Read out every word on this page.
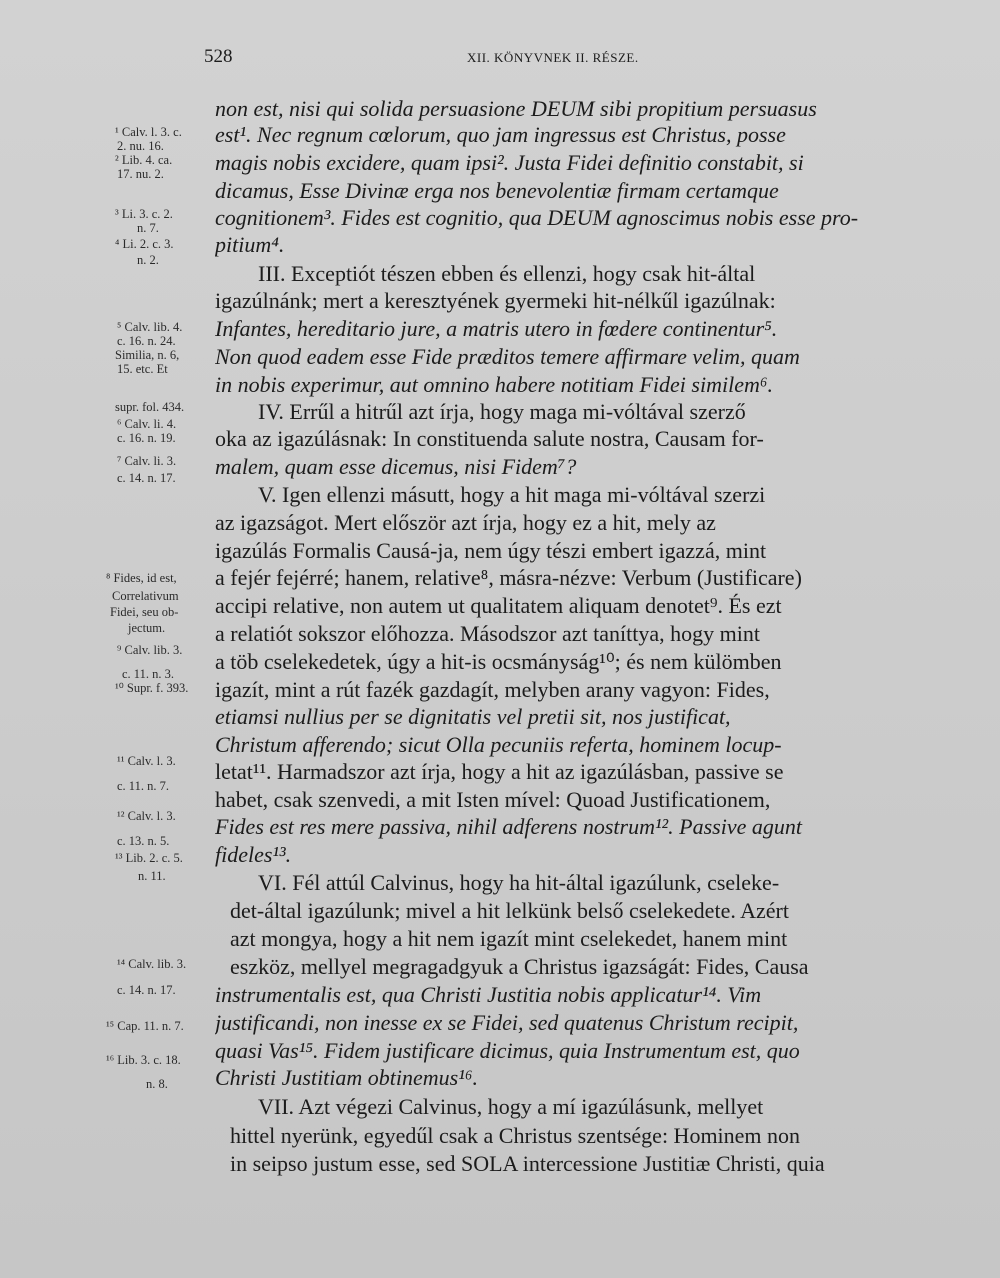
528	XII. KÖNYVNEK II. RÉSZE.
¹ Calv. l. 3. c.
2. nu. 16.
² Lib. 4. ca.
17. nu. 2.
³ Li. 3. c. 2.
n. 7.
⁴ Li. 2. c. 3.
n. 2.
⁵ Calv. lib. 4.
c. 16. n. 24.
Similia, n. 6,
15. etc. Et
supr. fol. 434.
⁶ Calv. li. 4.
c. 16. n. 19.
⁷ Calv. li. 3.
c. 14. n. 17.
⁸ Fides, id est,
Correlativum
Fidei, seu ob-
jectum.
⁹ Calv. lib. 3.
c. 11. n. 3.
¹⁰ Supr. f. 393.
¹¹ Calv. l. 3.
c. 11. n. 7.
¹² Calv. l. 3.
c. 13. n. 5.
¹³ Lib. 2. c. 5.
n. 11.
¹⁴ Calv. lib. 3.
c. 14. n. 17.
¹⁵ Cap. 11. n. 7.
¹⁶ Lib. 3. c. 18.
n. 8.
non est, nisi qui solida persuasione DEUM sibi propitium persuasus
est¹. Nec regnum cœlorum, quo jam ingressus est Christus, posse
magis nobis excidere, quam ipsi². Justa Fidei definitio constabit, si
dicamus, Esse Divinæ erga nos benevolentiæ firmam certamque
cognitionem³. Fides est cognitio, qua DEUM agnoscimus nobis esse pro-
pitium⁴.
III. Exceptiót tészen ebben és ellenzi, hogy csak hit-által
igazúlnánk; mert a keresztyének gyermeki hit-nélkűl igazúlnak:
Infantes, hereditario jure, a matris utero in fœdere continentur⁵.
Non quod eadem esse Fide præditos temere affirmare velim, quam
in nobis experimur, aut omnino habere notitiam Fidei similem⁶.
IV. Errűl a hitrűl azt írja, hogy maga mi-vóltával szerző
oka az igazúlásnak: In constituenda salute nostra, Causam for-
malem, quam esse dicemus, nisi Fidem⁷?
V. Igen ellenzi másutt, hogy a hit maga mi-vóltával szerzi
az igazságot. Mert először azt írja, hogy ez a hit, mely az
igazúlás Formalis Causá-ja, nem úgy tészi embert igazzá, mint
a fejér fejérré; hanem, relative⁸, másra-nézve: Verbum (Justificare)
accipi relative, non autem ut qualitatem aliquam denotet⁹. És ezt
a relatiót sokszor előhozza. Másodszor azt taníttya, hogy mint
a töb cselekedetek, úgy a hit-is ocsmányság¹⁰; és nem külömben
igazít, mint a rút fazék gazdagít, melyben arany vagyon: Fides,
etiamsi nullius per se dignitatis vel pretii sit, nos justificat,
Christum afferendo; sicut Olla pecuniis referta, hominem locup-
letat¹¹. Harmadszor azt írja, hogy a hit az igazúlásban, passive se
habet, csak szenvedi, a mit Isten mível: Quoad Justificationem,
Fides est res mere passiva, nihil adferens nostrum¹². Passive agunt
fideles¹³.
VI. Fél attúl Calvinus, hogy ha hit-által igazúlunk, cseleke-
det-által igazúlunk; mivel a hit lelkünk belső cselekedete. Azért
azt mongya, hogy a hit nem igazít mint cselekedet, hanem mint
eszköz, mellyel megragadgyuk a Christus igazságát: Fides, Causa
instrumentalis est, qua Christi Justitia nobis applicatur¹⁴. Vim
justificandi, non inesse ex se Fidei, sed quatenus Christum recipit,
quasi Vas¹⁵. Fidem justificare dicimus, quia Instrumentum est, quo
Christi Justitiam obtinemus¹⁶.
VII. Azt végezi Calvinus, hogy a mí igazúlásunk, mellyet
hittel nyerünk, egyedűl csak a Christus szentsége: Hominem non
in seipso justum esse, sed SOLA intercessione Justitiæ Christi, quia
